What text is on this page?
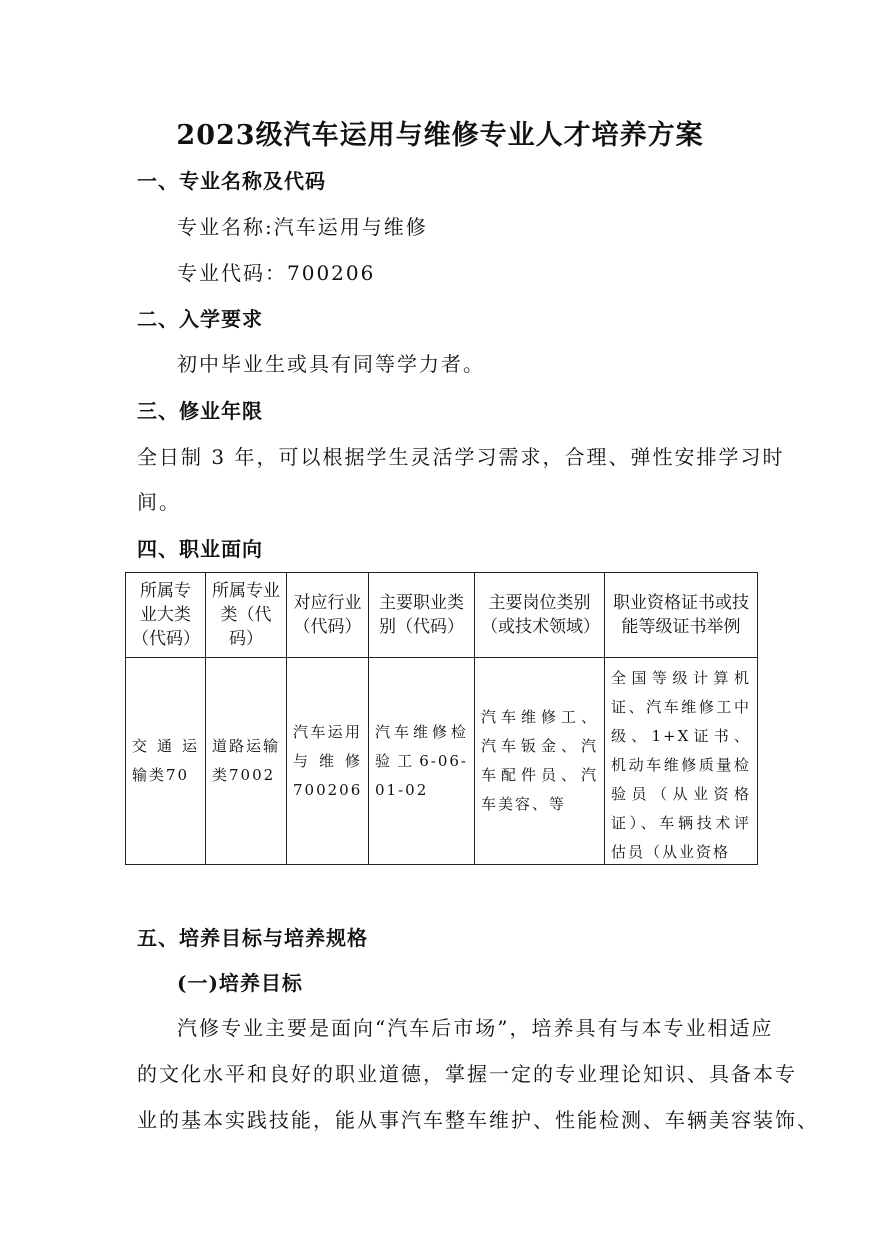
2023级汽车运用与维修专业人才培养方案
一、专业名称及代码
专业名称:汽车运用与维修
专业代码：700206
二、入学要求
初中毕业生或具有同等学力者。
三、修业年限
全日制 3 年，可以根据学生灵活学习需求，合理、弹性安排学习时
间。
四、职业面向
所属专业大类（代码）	所属专业类（代码）	对应行业（代码）	主要职业类别（代码）	主要岗位类别（或技术领域）	职业资格证书或技能等级证书举例
交通运输类70	道路运输类7002	汽车运用与维修700206	汽车维修检验工6-06-01-02	汽车维修工、汽车钣金、汽车配件员、汽车美容、等	全国等级计算机证、汽车维修工中级、1+X证书、机动车维修质量检验员（从业资格证）、车辆技术评估员（从业资格
五、培养目标与培养规格
(一)培养目标
汽修专业主要是面向“汽车后市场”，培养具有与本专业相适应
的文化水平和良好的职业道德，掌握一定的专业理论知识、具备本专
业的基本实践技能，能从事汽车整车维护、性能检测、车辆美容装饰、
